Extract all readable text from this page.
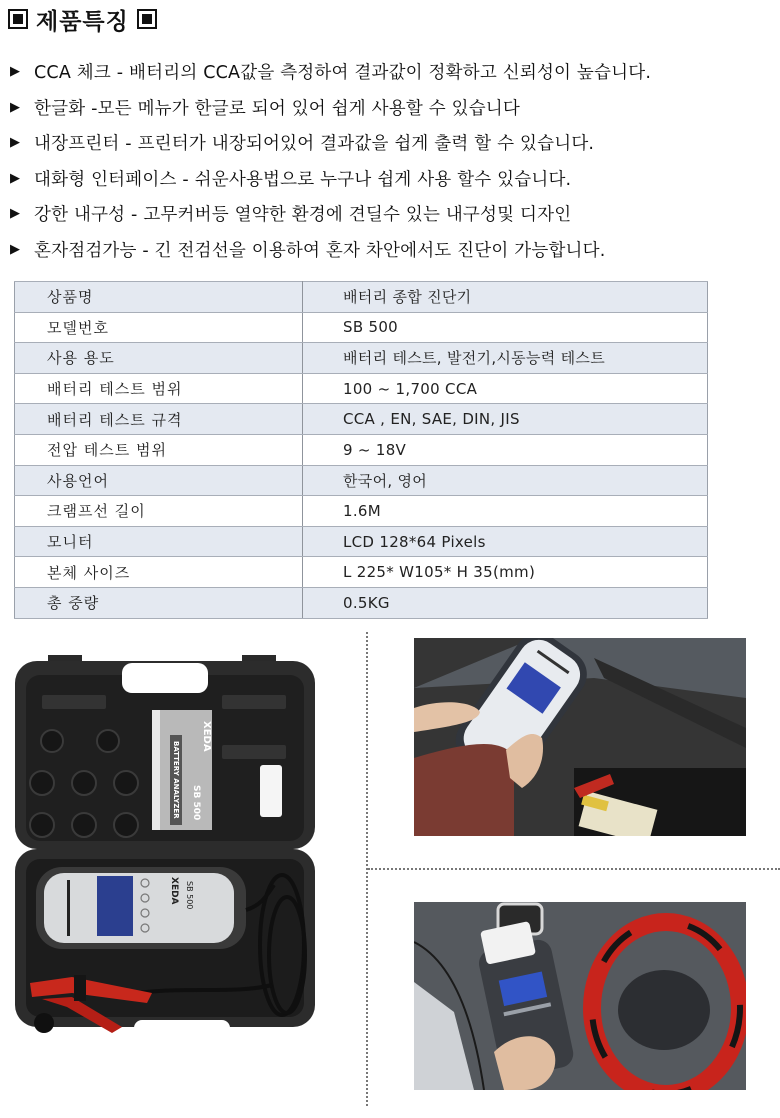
제품특징
▶ CCA 체크 - 배터리의 CCA값을 측정하여 결과값이 정확하고 신뢰성이 높습니다.
▶ 한글화 -모든 메뉴가 한글로 되어 있어 쉽게 사용할 수 있습니다
▶ 내장프린터 - 프린터가 내장되어있어 결과값을 쉽게 출력 할 수 있습니다.
▶ 대화형 인터페이스 - 쉬운사용법으로 누구나 쉽게 사용 할수 있습니다.
▶ 강한 내구성 - 고무커버등 열약한 환경에 견딜수 있는 내구성및 디자인
▶ 혼자점검가능 - 긴 전검선을 이용하여 혼자 차안에서도 진단이 가능합니다.
상품명	배터리 종합 진단기
모델번호	SB 500
사용 용도	배터리 테스트, 발전기,시동능력 테스트
배터리 테스트 범위	100 ~ 1,700 CCA
배터리 테스트 규격	CCA , EN, SAE, DIN, JIS
전압 테스트 범위	9 ~ 18V
사용언어	한국어, 영어
크램프선 길이	1.6M
모니터	LCD 128*64 Pixels
본체 사이즈	L 225* W105* H 35(mm)
총 중량	0.5KG
XEDA
BATTERY ANALYZER SB 500
XEDA SB 500
